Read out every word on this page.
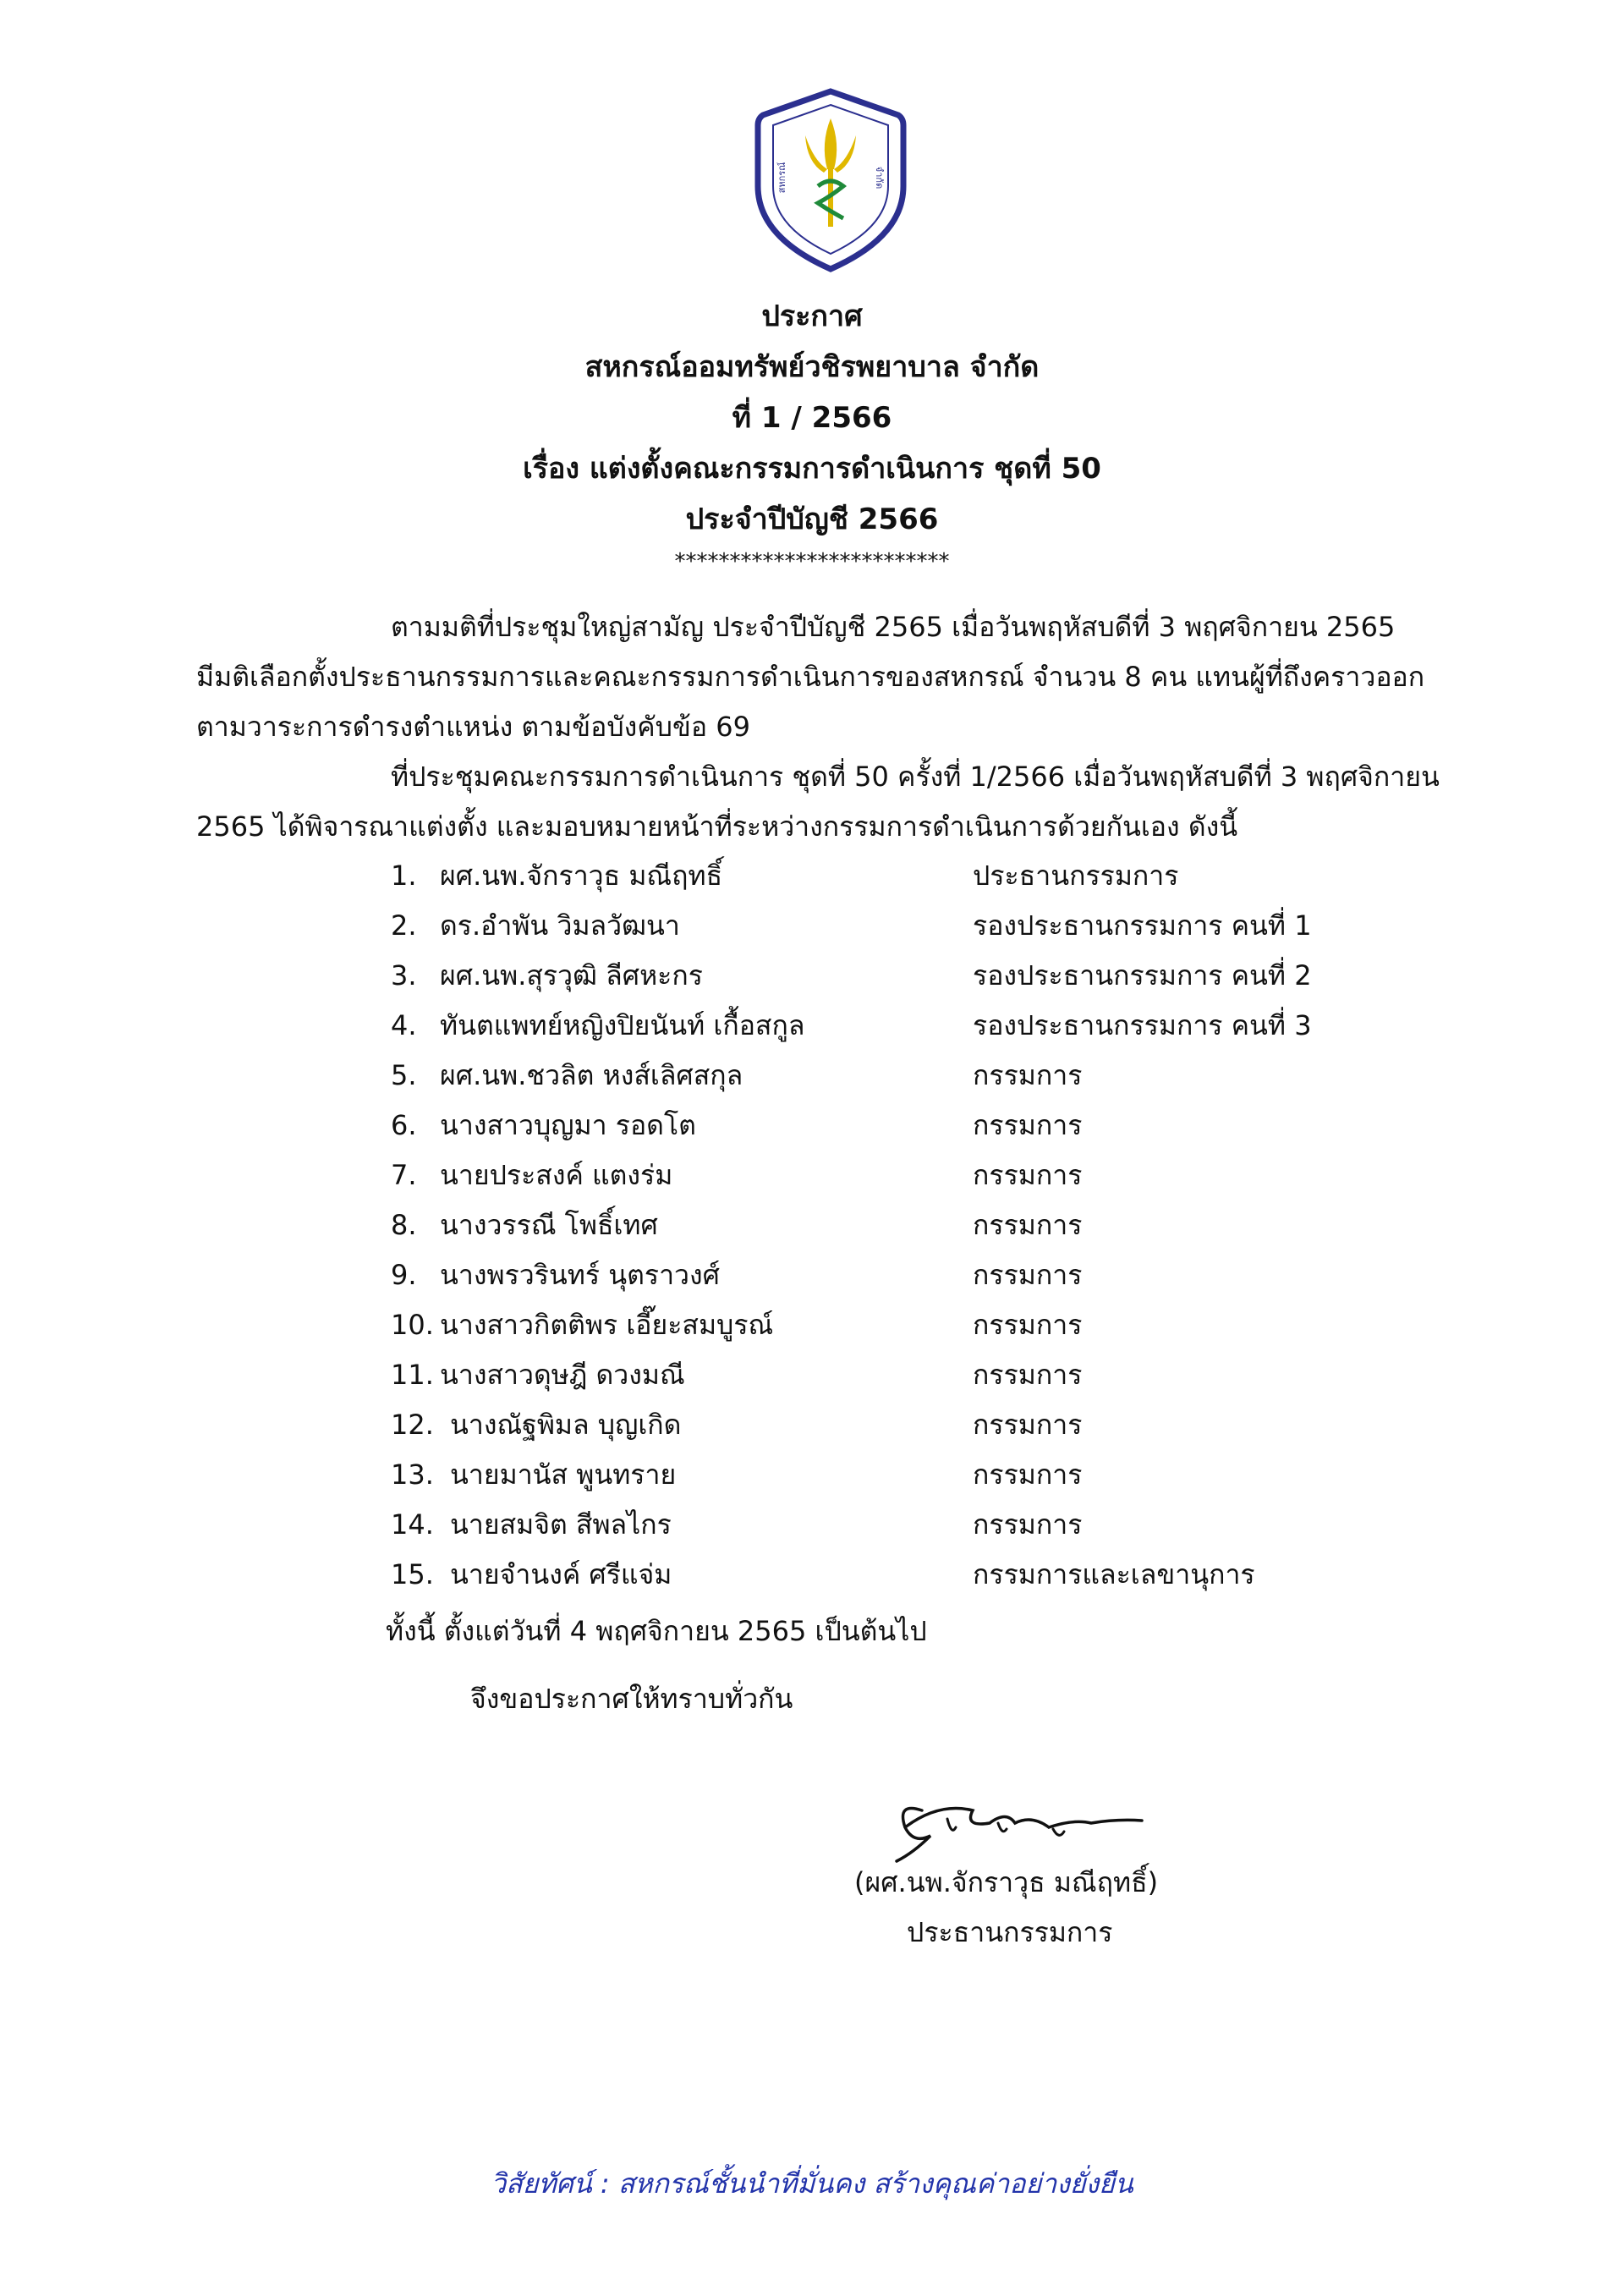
สหกรณ์	จำกัด
ประกาศ
สหกรณ์ออมทรัพย์วชิรพยาบาล จำกัด
ที่ 1 / 2566
เรื่อง แต่งตั้งคณะกรรมการดำเนินการ ชุดที่ 50
ประจำปีบัญชี 2566
*************************
ตามมติที่ประชุมใหญ่สามัญ ประจำปีบัญชี 2565 เมื่อวันพฤหัสบดีที่ 3 พฤศจิกายน 2565
มีมติเลือกตั้งประธานกรรมการและคณะกรรมการดำเนินการของสหกรณ์ จำนวน 8 คน แทนผู้ที่ถึงคราวออก
ตามวาระการดำรงตำแหน่ง ตามข้อบังคับข้อ 69
ที่ประชุมคณะกรรมการดำเนินการ ชุดที่ 50 ครั้งที่ 1/2566 เมื่อวันพฤหัสบดีที่ 3 พฤศจิกายน
2565 ได้พิจารณาแต่งตั้ง และมอบหมายหน้าที่ระหว่างกรรมการดำเนินการด้วยกันเอง ดังนี้
1. ผศ.นพ.จักราวุธ มณีฤทธิ์	ประธานกรรมการ
2. ดร.อำพัน วิมลวัฒนา	รองประธานกรรมการ คนที่ 1
3. ผศ.นพ.สุรวุฒิ ลีศหะกร	รองประธานกรรมการ คนที่ 2
4. ทันตแพทย์หญิงปิยนันท์ เกื้อสกูล	รองประธานกรรมการ คนที่ 3
5. ผศ.นพ.ชวลิต หงส์เลิศสกุล	กรรมการ
6. นางสาวบุญมา รอดโต	กรรมการ
7. นายประสงค์ แตงร่ม	กรรมการ
8. นางวรรณี โพธิ์เทศ	กรรมการ
9. นางพรวรินทร์ นุตราวงศ์	กรรมการ
10. นางสาวกิตติพร เอี๊ยะสมบูรณ์	กรรมการ
11. นางสาวดุษฎี ดวงมณี	กรรมการ
12. นางณัฐพิมล บุญเกิด	กรรมการ
13. นายมานัส พูนทราย	กรรมการ
14. นายสมจิต สีพลไกร	กรรมการ
15. นายจำนงค์ ศรีแจ่ม	กรรมการและเลขานุการ
ทั้งนี้ ตั้งแต่วันที่ 4 พฤศจิกายน 2565 เป็นต้นไป
จึงขอประกาศให้ทราบทั่วกัน
(ผศ.นพ.จักราวุธ มณีฤทธิ์)
ประธานกรรมการ
วิสัยทัศน์ : สหกรณ์ชั้นนำที่มั่นคง สร้างคุณค่าอย่างยั่งยืน
